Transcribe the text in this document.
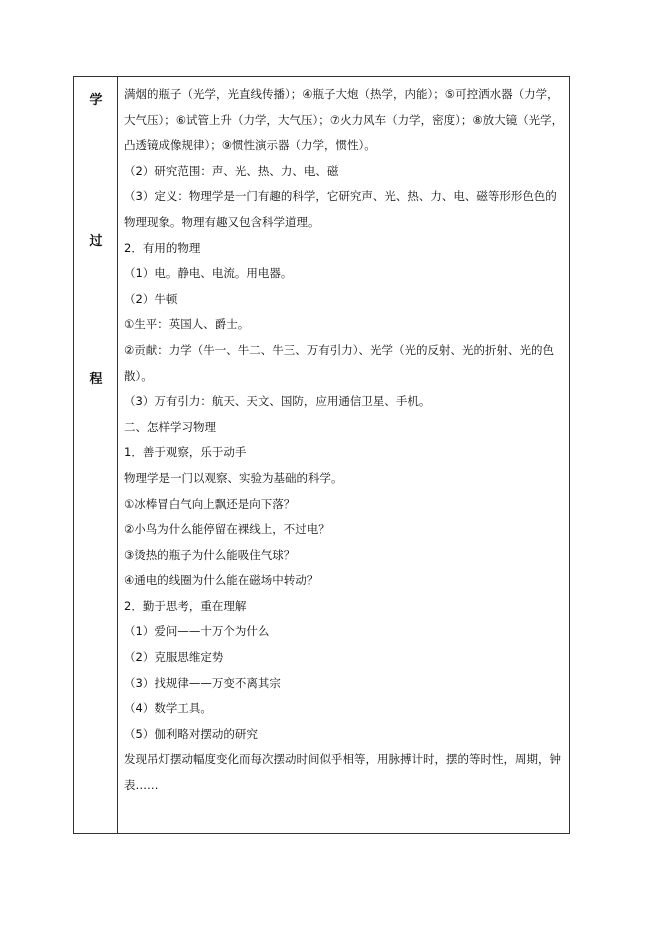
学
过
程

满烟的瓶子（光学，光直线传播）；④瓶子大炮（热学，内能）；⑤可控洒水器（力学，

大气压）；⑥试管上升（力学，大气压）；⑦火力风车（力学，密度）；⑧放大镜（光学，

凸透镜成像规律）；⑨惯性演示器（力学，惯性）。

（2）研究范围：声、光、热、力、电、磁

（3）定义：物理学是一门有趣的科学，它研究声、光、热、力、电、磁等形形色色的

物理现象。物理有趣又包含科学道理。

2．有用的物理

（1）电。静电、电流。用电器。

（2）牛顿

①生平：英国人、爵士。

②贡献：力学（牛一、牛二、牛三、万有引力）、光学（光的反射、光的折射、光的色

散）。

（3）万有引力：航天、天文、国防，应用通信卫星、手机。

二、怎样学习物理

1．善于观察，乐于动手

物理学是一门以观察、实验为基础的科学。

①冰棒冒白气向上飘还是向下落？

②小鸟为什么能停留在裸线上，不过电？

③烫热的瓶子为什么能吸住气球？

④通电的线圈为什么能在磁场中转动？

2．勤于思考，重在理解

（1）爱问——十万个为什么

（2）克服思维定势

（3）找规律——万变不离其宗

（4）数学工具。

（5）伽利略对摆动的研究

发现吊灯摆动幅度变化而每次摆动时间似乎相等，用脉搏计时，摆的等时性，周期，钟

表……
